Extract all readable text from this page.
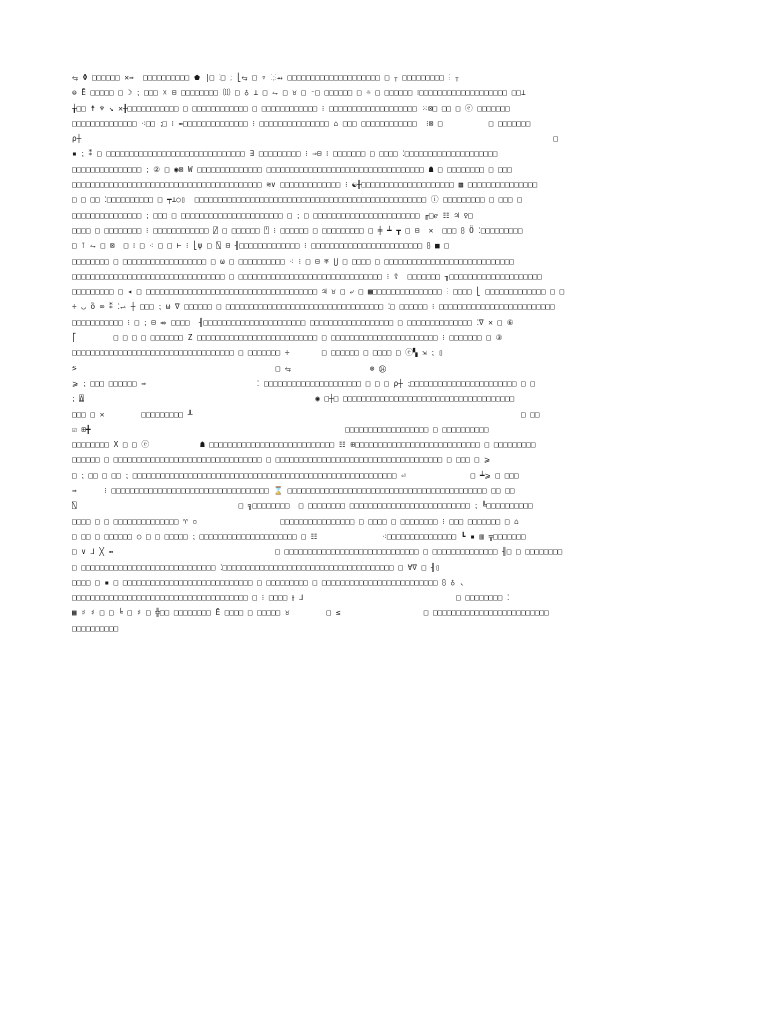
⥃ Φ □□□□□□ ✕⇛  □□□□□□□□□□ ⬟ |□ ⁚□ ⁏ ⎣⥃ □ ▿ ⁚⁏⁝⥇ □□□□□□□□□□□□□□□□□□□□ □ ⊺ □□□□□□□□□ ⁝ ⊺
⊜ Ē □□□□□ □ ☽ ⁏ □□□ ☓ ⊟ □□□□□□□□ ⑾ □ ♁ ⊥ □ ⥊ □ ♉ □ ⁻□ □□□□□□ □ ☼ □ □□□□□□ ⁞□□□□□□□□□□□□□□□□□□□ □□⊥
╁□□ ☨ ♆ ↘ ✕╂□□□□□□□□□□□ □ □□□□□□□□□□□□ □ □□□□□□□□□□□□ ⁝ □□□□□□□□□□□□□□□□□□□ ⁙⊠□ □□ □ ⓔ □□□□□□□
□□□□□□□□□□□□□□ ⁖□□ ⁏□ ⁞ ⇴□□□□□□□□□□□□□□ ⁝ □□□□□□□□□□□□□□□ ⌂ □□□ □□□□□□□□□□□□  ⁝⊠ □          □ □□□□□□□
ρ┼                                                                                                      □
▪ ⁏ ⁑ □ □□□□□□□□□□□□□□□□□□□□□□□□□□□□□□ ∃ □□□□□□□□□ ⁝ ⇒⊟ ⁞ □□□□□□□ □ □□□□ ⁚□□□□□□□□□□□□□□□□□□□□
□□□□□□□□□□□□□□□ ⁏ ② □ ◉⊠ W □□□□□□□□□□□□□□ □□□□□□□□□□□□□□□□□□□□□□□□□□□□□□□□□□ ☗ □ □□□□□□□□ □ □□□
□□□□□□□□□□□□□□□□□□□□□□□□□□□□□□□□□□□□□□□□□ ≋∨ □□□□□□□□□□□□□ ⁝ ☯╫□□□□□□□□□□□□□□□□□□□□ ▦ □□□□□□□□□□□□□□□
□ □ □□ ⁚□□□□□□□□□□ □ ┯⊥○▯  □□□□□□□□□□□□□□□□□□□□□□□□□□□□□□□□□□□□□□□□□□□□□□□□□□ ⓘ □□□□□□□□□ □ □□□ □
□□□□□□□□□□□□□□□ ⁏ □□□ □ □□□□□□□□□□□□□□□□□□□□□□ □ ⁏ □ □□□□□□□□□□□□□□□□□□□□□□□ ╓□ℯ ☷ ♃ ♀□
□□□□ □ □□□□□□□□ ⁝ □□□□□□□□□□□□ ⍁ □ □□□□□□ ⍞ ⁝ □□□□□□ □ □□□□□□□□□ □ ╪ ┷ ┳ □ ⊟  ✕  □□□ ⩉ Ö ⁚□□□□□□□□□
□ ⊺ ⥊ □ ⊠  □ ⁞ □ ⁖ □ □ ⊢ ⁝ ⎣ψ □ ⍂ ⊟ ╢□□□□□□□□□□□□□ ⁝ □□□□□□□□□□□□□□□□□□□□□□□□ ⩉ ■ □
□□□□□□□□ □ □□□□□□□□□□□□□□□□□□ □ ω □ □□□□□□□□□□ ⁖ ⁝ □ ⊟ ♅ ⋃ □ □□□□ □ □□□□□□□□□□□□□□□□□□□□□□□□□□□□
□□□□□□□□□□□□□□□□□□□□□□□□□□□□□□□□□ □ □□□□□□□□□□□□□□□□□□□□□□□□□□□□□□□ ⁝ ☦  □□□□□□□ ╖□□□□□□□□□□□□□□□□□□□□
□□□□□□□□□ □ ◂ □ □□□□□□□□□□□□□□□□□□□□□□□□□□□□□□□□□□□□□ ♃ ♉ □ ⤶ □ ▩□□□□□□□□□□□□□□□ ⁝ □□□□ ⎣ □□□□□□□□□□□□□ □ □
÷ ◡ ὃ ∞ ⁑ ⁚⥋ ┼ □□□ ⁏ ω ∇ □□□□□□ □ □□□□□□□□□□□□□□□□□□□□□□□□□□□□□□□□□□ ⁚□ □□□□□□ ⁝ □□□□□□□□□□□□□□□□□□□□□□□□□
□□□□□□□□□□□ ⁝ □ ⁏ ⊟ ⤃ □□□□  ╢□□□□□□□□□□□□□□□□□□□□□□ □□□□□□□□□□□□□□□□□□ □ □□□□□□□□□□□□□□ ⁚∇ ✕ □ ⑥
⎡        □ □ □ □ □□□□□□□ Z □□□□□□□□□□□□□□□□□□□□□□□□□□ □ □□□□□□□□□□□□□□□□□□□□□□□ ⁝ □□□□□□□ □ ③
□□□□□□□□□□□□□□□□□□□□□□□□□□□□□□□□□□□ □ □□□□□□□ ÷       □ □□□□□□ □ □□□□ □ ⓔ▚ ⇲ ⁏ ▯
⍩                                           □ ⥃                 ⊗ ⑭
⩾ ⁏ □□□ □□□□□□ ⇛                        ⁚ □□□□□□□□□□□□□□□□□□□□□ □ □ □ ρ┼ ⁏□□□□□□□□□□□□□□□□□□□□□□□ □ □
⁏ ⍍                                                  ◉ □┼□ □□□□□□□□□□□□□□□□□□□□□□□□□□□□□□□□□□□□□
□□□ □ ✕        □□□□□□□□□ ┸                                                                       □ □□
☑ ⊞╋                                                       □□□□□□□□□□□□□□□□□□ □ □□□□□□□□□□
□□□□□□□□ Χ □ □ ⓔ           ☗ □□□□□□□□□□□□□□□□□□□□□□□□□□□ ☷ ⊞□□□□□□□□□□□□□□□□□□□□□□□□□□□ □ □□□□□□□□□
□□□□□□ □ □□□□□□□□□□□□□□□□□□□□□□□□□□□□□□□□ □ □□□□□□□□□□□□□□□□□□□□□□□□□□□□□□□□□□□□ □ □□□ □ ⩾
□ ⁏ □□ □ □□ ⁏ □□□□□□□□□□□□□□□□□□□□□□□□□□□□□□□□□□□□□□□□□□□□□□□□□□□□□□□□□ ⏎              □ ┷⩾ □ □□□
⇛      ⁝ □□□□□□□□□□□□□□□□□□□□□□□□□□□□□□□□□□ ⌛ □□□□□□□□□□□□□□□□□□□□□□□□□□□□□□□□□□□□□□□□□□□ □□ □□
⍂                                   □ ╗□□□□□□□□  □ □□□□□□□□ □□□□□□□□□□□□□□□□□□□□□□□□□□ ⁏ ╚□□□□□□□□□□
□□□□ □ □ □□□□□□□□□□□□□□ ♈ ▫                  □□□□□□□□□□□□□□□□ □ □□□□ □ □□□□□□□□ ⁝ □□□ □□□□□□□ □ ⌂
□ □□ □ □□□□□□ ○ □ □ □□□□□ ⁏ □□□□□□□□□□□□□□□□□□□□□ □ ☷              ⁖□□□□□□□□□□□□□□□ ┗ ▪ ▥ ╦□□□□□□□
□ ∨ ⅃ ╳ ⇴                                   □ □□□□□□□□□□□□□□□□□□□□□□□□□□□□□ □ □□□□□□□□□□□□□□ ╢□ □ □□□□□□□□
□ □□□□□□□□□□□□□□□□□□□□□□□□□□□□□ ⁚□□□□□□□□□□□□□□□□□□□□□□□□□□□□□□□□□□□□□ □ ∀∇ □ ╢▯
□□□□ □ ▪ □ □□□□□□□□□□□□□□□□□□□□□□□□□□□□ □ □□□□□□□□□ □ □□□□□□□□□□□□□□□□□□□□□□□□□ ⩉ ♁ ◟
□□□□□□□□□□□□□□□□□□□□□□□□□□□□□□□□□□□□□□ □ ⁝ □□□□ ⫲ ⅃                                 □ □□□□□□□□ ⁚
▩ ♯ ♯ □ □ ╘ □ ♯ □ ╬□□ □□□□□□□□ Ē □□□□ □ □□□□□ ♉        □ ≤                  □ □□□□□□□□□□□□□□□□□□□□□□□□□
□□□□□□□□□□
